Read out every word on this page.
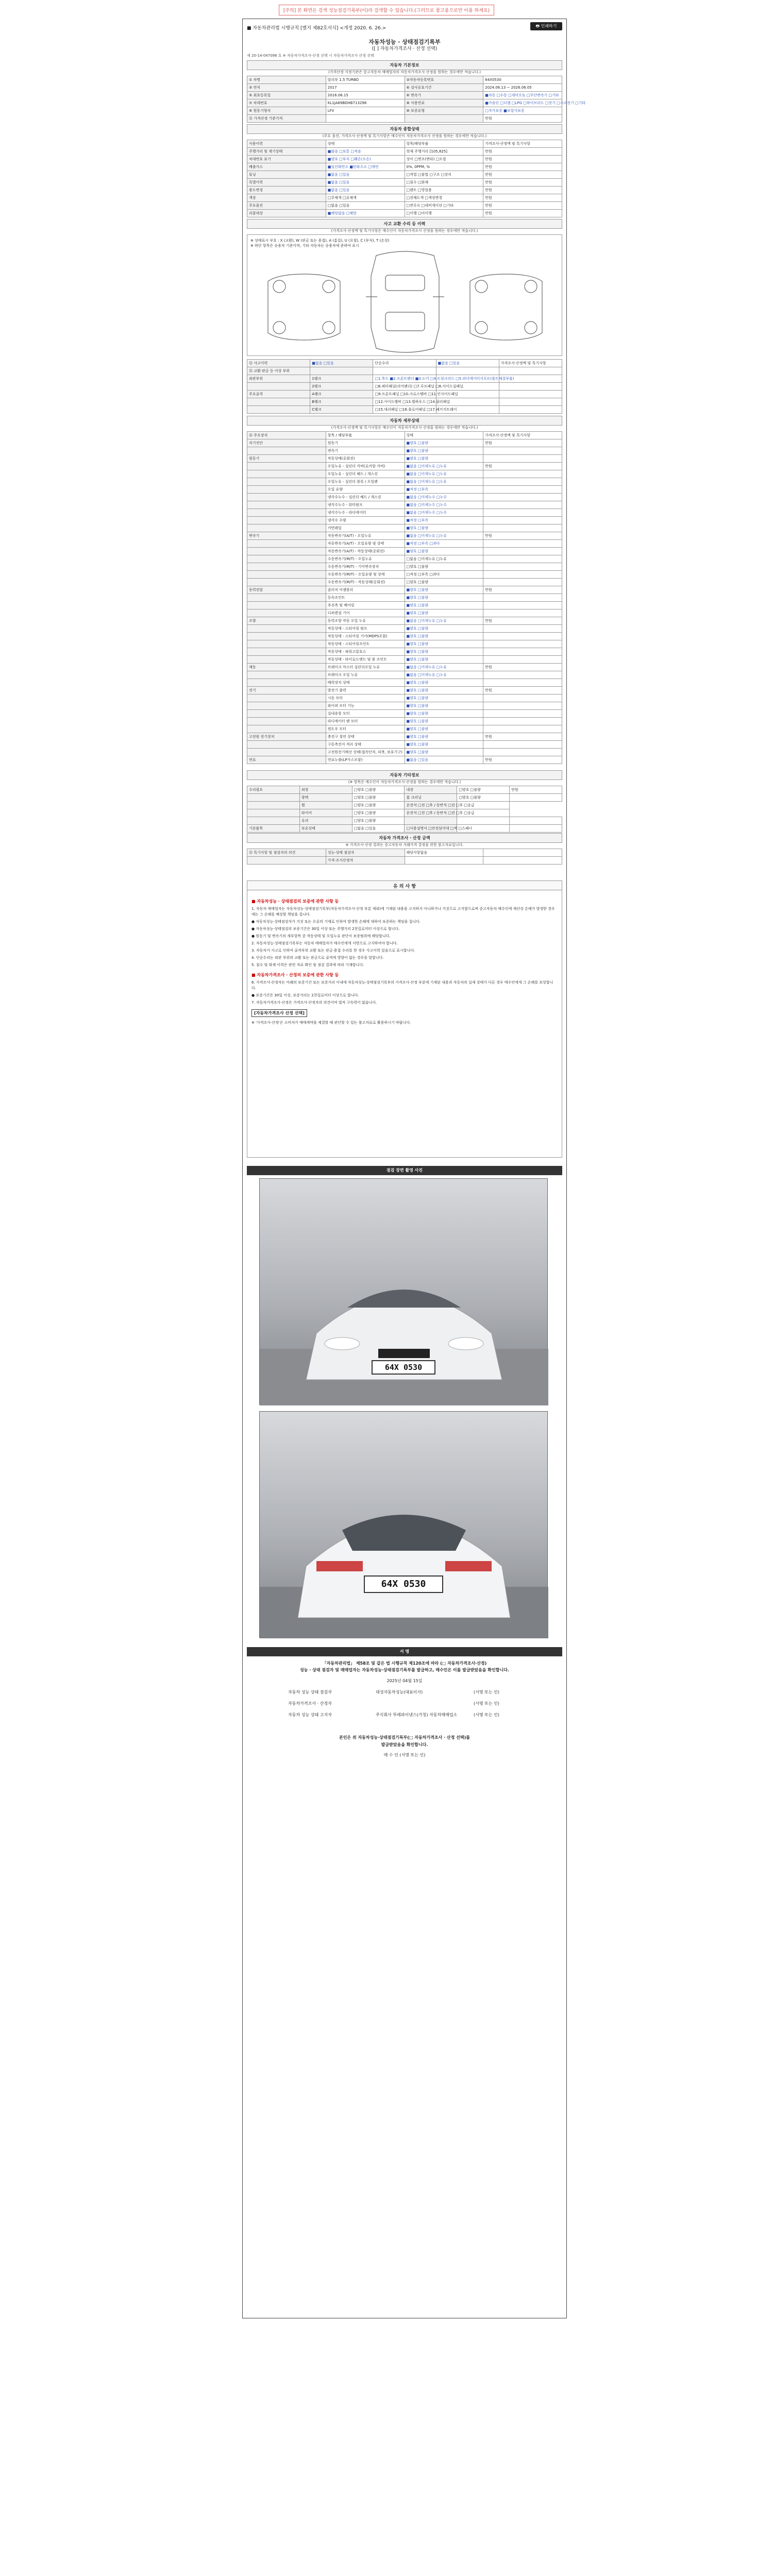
[주의] 본 화면은 검색 성능점검기록부(이)라 검색할 수 있습니다.(그러므로 참고용으로만 이용 하세요)
■ 자동차관리법 시행규칙 [별지 제82호서식] <개정 2020. 6. 26.>	🖶 인쇄하기
자동차성능 · 상태점검기록부
([ ] 자동차가격조사 · 산정 선택)
제 20-14-047096 호 ※ 자동차가격조사·산정 선택 시 자동차가격조사 산정 선택
자동차 기본정보
(가격산정 지정기관은 중고자동차 매매업자의 자동차가격조사 산정을 원하는 경우에만 적습니다.)
① 차명	말리부 1.5 TURBO	②자동차등록번호	64X0530
③ 연식	2017	④ 검사유효기간	2024.06.13 ~ 2026.06.05
⑤ 최초등록일	2016.06.15	⑥ 변속기	■자동 □수동 □세미오토 □무단변속기 □기타
⑦ 차대번호	KL1JA69BDHB713296	⑧ 사용연료	■가솔린 □디젤 □LPG □하이브리드 □전기 □수소전기 □기타
⑨ 원동기형식	LFV	⑩ 보증유형	□자가보증 ■보험사보증
⑪ 가격산정 기준가격			만원
자동차 종합상태
(주요 옵션, 가격조사·산정액 및 특기사항은 매수인이 자동차가격조사 산정을 원하는 경우에만 적습니다.)
사용이력	상태	항목/해당부품	가격조사·산정액 및 특기사항
주행거리 및 계기상태	■많음 □보통 □적음	현재 주행거리 [105,825]	만원
차대번호 표기	■양호 □부식 □훼손(오손)	상이 □변조(변타) □도말	만원
배출가스	■일산화탄소 ■탄화수소 □매연	0%, 0PPM, %	만원
튜닝	■없음 □있음	□적법 □불법 □구조 □장치	만원
특별이력	■없음 □있음	□침수 □화재	만원
용도변경	■없음 □있음	□렌트 □영업용	만원
색상	□무채색 □유채색	□전체도색 □색상변경	만원
주요옵션	□없음 □있음	□썬루프 □네비게이션 □기타	만원
리콜대상	■해당없음 □해당	□이행 □미이행	만원
사고 교환 수리 등 이력
(가격조사·산정액 및 특기사항은 매수인이 자동차가격조사 산정을 원하는 경우에만 적습니다.)
※ 상태표시 부호 : X (교환), W (판금 또는 용접), A (흠집), U (요철), C (부식), T (손상)
※ 하단 항목은 승용차 기준이며, 기타 자동차는 승용차에 준하여 표시
⑫ 사고이력	■없음 □있음	단순수리	■없음 □있음	가격조사·산정액 및 특기사항
⑬ 교환·판금 등 이상 부위				
외판부위	1랭크	□1.후드 ■2.프론트펜더 ■3.도어 □4.트렁크리드 □5.라디에이터서포트(볼트체결부품)		
	2랭크	□6.쿼터패널(리어펜더) □7.루프패널 □8.사이드실패널		
주요골격	A랭크	□9.프론트패널 □10.크로스멤버 □11.인사이드패널		
	B랭크	□12.사이드멤버 □13.휠하우스 □14.필러패널		
	C랭크	□15.대쉬패널 □16.플로어패널 □17.패키지트레이		
자동차 세부상태
(가격조사·산정액 및 특기사항은 매수인이 자동차가격조사 산정을 원하는 경우에만 적습니다.)
⑭ 주요장치	항목 / 해당부품	상태	가격조사·산정액 및 특기사항
자기진단	원동기	■양호 □불량	만원
	변속기	■양호 □불량	
원동기	작동상태(공회전)	■양호 □불량	
	오일누유 - 실린더 커버(로커암 커버)	■없음 □미세누유 □누유	만원
	오일누유 - 실린더 헤드 / 개스킷	■없음 □미세누유 □누유	
	오일누유 - 실린더 블록 / 오일팬	■없음 □미세누유 □누유	
	오일 유량	■적정 □부족	
	냉각수누수 - 실린더 헤드 / 개스킷	■없음 □미세누수 □누수	
	냉각수누수 - 워터펌프	■없음 □미세누수 □누수	
	냉각수누수 - 라디에이터	■없음 □미세누수 □누수	
	냉각수 수량	■적정 □부족	
	커먼레일	■양호 □불량	
변속기	자동변속기(A/T) - 오일누유	■없음 □미세누유 □누유	만원
	자동변속기(A/T) - 오일유량 및 상태	■적정 □부족 □과다	
	자동변속기(A/T) - 작동상태(공회전)	■양호 □불량	
	수동변속기(M/T) - 오일누유	□없음 □미세누유 □누유	
	수동변속기(M/T) - 기어변속장치	□양호 □불량	
	수동변속기(M/T) - 오일유량 및 상태	□적정 □부족 □과다	
	수동변속기(M/T) - 작동상태(공회전)	□양호 □불량	
동력전달	클러치 어셈블리	■양호 □불량	만원
	등속조인트	■양호 □불량	
	추진축 및 베어링	■양호 □불량	
	디퍼렌셜 기어	■양호 □불량	
조향	동력조향 작동 오일 누유	■없음 □미세누유 □누유	만원
	작동상태 - 스티어링 펌프	■양호 □불량	
	작동상태 - 스티어링 기어(MDPS포함)	■양호 □불량	
	작동상태 - 스티어링조인트	■양호 □불량	
	작동상태 - 파워고압호스	■양호 □불량	
	작동상태 - 타이로드엔드 및 볼 조인트	■양호 □불량	
제동	브레이크 마스터 실린더오일 누유	■없음 □미세누유 □누유	만원
	브레이크 오일 누유	■없음 □미세누유 □누유	
	배력장치 상태	■양호 □불량	
전기	발전기 출력	■양호 □불량	만원
	시동 모터	■양호 □불량	
	와이퍼 모터 기능	■양호 □불량	
	실내송풍 모터	■양호 □불량	
	라디에이터 팬 모터	■양호 □불량	
	윈도우 모터	■양호 □불량	
고전원 전기장치	충전구 절연 상태	■양호 □불량	만원
	구동축전지 격리 상태	■양호 □불량	
	고전원전기배선 상태(접속단자, 피복, 보호기구)	■양호 □불량	
연료	연료누출(LP가스포함)	■없음 □있음	만원
자동차 기타정보
(※ 항목은 매수인이 자동차가격조사·산정을 원하는 경우에만 적습니다.)
수리필요	외장	□양호 □불량	내장	□양호 □불량	만원
	광택	□양호 □불량	룸 크리닝	□양호 □불량	
	휠	□양호 □불량	운전석 □전 □후 / 동반석 □전 □후 □응급		
	타이어	□양호 □불량	운전석 □전 □후 / 동반석 □전 □후 □응급		
	유리	□양호 □불량			
기본품목	보유상태	□없음 □있음	□사용설명서 □안전삼각대 □잭 □스패너		
자동차 가격조사 · 산정 금액
※ 가격조사·산정 결과는 중고자동차 거래가격 결정을 위한 참고자료입니다.
⑮ 특기사항 및 점검자의 의견	성능·상태 점검자	해당사항없음	
	가격·조사산정자		
유 의 사 항
■ 자동차성능 · 상태점검의 보증에 관한 사항 등

1. 자동차 매매업자는 자동차성능·상태점검기록부(자동차가격조사·산정 부분 제외)에 기재된 내용을 고지하지 아니하거나 거짓으로 고지함으로써 중고자동차 매수인에 재산상 손해가 발생한 경우에는 그 손해를 배상할 책임을 집니다.

● 자동차성능·상태점검자가 거짓 또는 오류의 기재로 인하여 발생한 손해에 대하여 보증하는 책임을 집니다.

● 자동차성능·상태점검의 보증기간은 30일 이상 또는 주행거리 2천킬로미터 이상으로 합니다.

● 원동기 및 변속기의 세부항목 중 작동상태 및 오일누유 판단이 보증범위에 해당합니다.

2. 자동차성능·상태점검기록부는 자동차 매매업자가 매수인에게 서면으로 고지하여야 합니다.

3. 자동차가 사고로 인하여 골격부위 교환 또는 판금·용접 수리를 한 경우 사고이력 있음으로 표시합니다.

4. 단순수리는 외판 부위의 교환 또는 판금으로 골격에 영향이 없는 경우를 말합니다.

5. 침수 및 화재 이력은 관련 자료 확인 및 점검 결과에 따라 기재합니다.

■ 자동차가격조사 · 산정의 보증에 관한 사항 등

6. 가격조사·산정자는 아래의 보증기간 또는 보증거리 이내에 자동차성능·상태점검기록부의 가격조사·산정 부분에 기재된 내용과 자동차의 실제 상태가 다른 경우 매수인에게 그 손해를 보상합니다.

● 보증기간은 30일 이상, 보증거리는 2천킬로미터 이상으로 합니다.

7. 자동차가격조사·산정은 가격조사·산정자의 의견이며 법적 구속력이 없습니다.

[자동차가격조사 산정 선택]

※ '가격조사·산정'은 소비자가 매매계약을 체결할 때 판단할 수 있는 참고자료로 활용하시기 바랍니다.

점검 장면 촬영 사진
64X 0530
64X 0530
서 명
「자동차관리법」 제58조 및 같은 법 시행규칙 제120조에 따라 (□ 자동차가격조사·산정)
성능 · 상태 점검자 및 매매업자는 자동차성능·상태점검기록부를 발급하고, 매수인은 이를 발급받았음을 확인합니다.
2025년 04월 15일
자동차 성능 상태 점검자	대성자동차성능(대표이사)	(서명 또는 인)
자동차가격조사 · 산정자	(서명 또는 인)
자동차 성능 상태 고지자	주식회사 뚜레파이낸스(가칭) 자동차매매업소	(서명 또는 인)
본인은 위 자동차성능·상태점검기록부(□ 자동차가격조사 · 산정 선택)를
발급받았음을 확인합니다.
매 수 인 (서명 또는 인)
